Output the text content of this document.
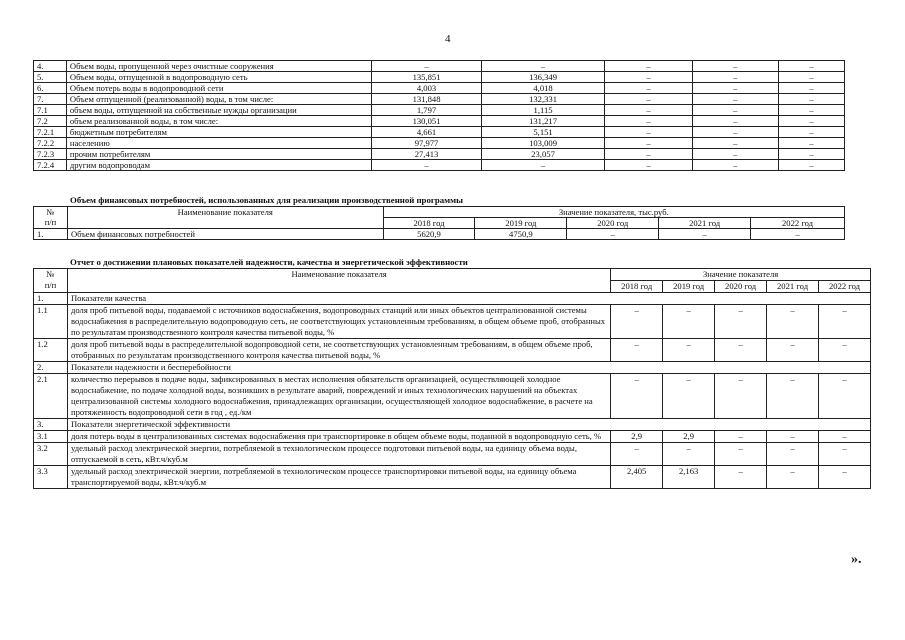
4
4.	Объем воды, пропущенной через очистные сооружения	–	–	–	–	–
5.	Объем воды, отпущенной в водопроводную сеть	135,851	136,349	–	–	–
6.	Объем потерь воды в водопроводной сети	4,003	4,018	–	–	–
7.	Объем отпущенной (реализованной) воды, в том числе:	131,848	132,331	–	–	–
7.1	объем воды, отпущенной на собственные нужды организации	1,797	1,115	–	–	–
7.2	объем реализованной воды, в том числе:	130,051	131,217	–	–	–
7.2.1	бюджетным потребителям	4,661	5,151	–	–	–
7.2.2	населению	97,977	103,009	–	–	–
7.2.3	прочим потребителям	27,413	23,057	–	–	–
7.2.4	другим водопроводам	–	–	–	–	–
Объем финансовых потребностей, использованных для реализации производственной программы
№
п/п	Наименование показателя	Значение показателя, тыс.руб.				
		2018 год	2019 год	2020 год	2021 год	2022 год
1.	Объем финансовых потребностей	5620,9	4750,9	–	–	–
Отчет о достижении плановых показателей надежности, качества и энергетической эффективности
№
п/п	Наименование показателя	Значение показателя				
		2018 год	2019 год	2020 год	2021 год	2022 год
1.	Показатели качества					
1.1	доля проб питьевой воды, подаваемой с источников водоснабжения, водопроводных станций или иных объектов централизованной системы водоснабжения в распределительную водопроводную сеть, не соответствующих установленным требованиям, в общем объеме проб, отобранных по результатам производственного контроля качества питьевой воды, %	–	–	–	–	–
1.2	доля проб питьевой воды в распределительной водопроводной сети, не соответствующих установленным требованиям, в общем объеме проб, отобранных по результатам производственного контроля качества питьевой воды, %	–	–	–	–	–
2.	Показатели надежности и бесперебойности					
2.1	количество перерывов в подаче воды, зафиксированных в местах исполнения обязательств организацией, осуществляющей холодное водоснабжение, по подаче холодной воды, возникших в результате аварий, повреждений и иных технологических нарушений на объектах централизованной системы холодного водоснабжения, принадлежащих организации, осуществляющей холодное водоснабжение, в расчете на протяженность водопроводной сети в год , ед./км	–	–	–	–	–
3.	Показатели энергетической эффективности					
3.1	доля потерь воды в централизованных системах водоснабжения при транспортировке в общем объеме воды, поданной в водопроводную сеть, %	2,9	2,9	–	–	–
3.2	удельный расход электрической энергии, потребляемой в технологическом процессе подготовки питьевой воды, на единицу объема воды, отпускаемой в сеть, кВт.ч/куб.м	–	–	–	–	–
3.3	удельный расход электрической энергии, потребляемой в технологическом процессе транспортировки питьевой воды, на единицу объема транспортируемой воды, кВт.ч/куб.м	2,405	2,163	–	–	–
».
